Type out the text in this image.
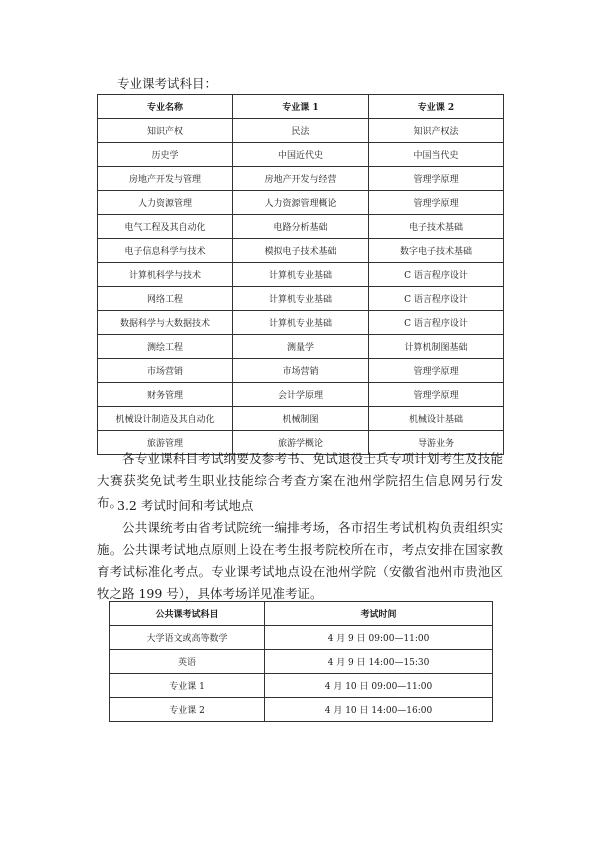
专业课考试科目：
专业名称	专业课 1	专业课 2
知识产权	民法	知识产权法
历史学	中国近代史	中国当代史
房地产开发与管理	房地产开发与经营	管理学原理
人力资源管理	人力资源管理概论	管理学原理
电气工程及其自动化	电路分析基础	电子技术基础
电子信息科学与技术	模拟电子技术基础	数字电子技术基础
计算机科学与技术	计算机专业基础	C 语言程序设计
网络工程	计算机专业基础	C 语言程序设计
数据科学与大数据技术	计算机专业基础	C 语言程序设计
测绘工程	测量学	计算机制图基础
市场营销	市场营销	管理学原理
财务管理	会计学原理	管理学原理
机械设计制造及其自动化	机械制图	机械设计基础
旅游管理	旅游学概论	导游业务
各专业课科目考试纲要及参考书、免试退役士兵专项计划考生及技能大赛获奖免试考生职业技能综合考查方案在池州学院招生信息网另行发布。
3.2 考试时间和考试地点
公共课统考由省考试院统一编排考场，各市招生考试机构负责组织实施。公共课考试地点原则上设在考生报考院校所在市，考点安排在国家教育考试标准化考点。专业课考试地点设在池州学院（安徽省池州市贵池区牧之路 199 号），具体考场详见准考证。
公共课考试科目	考试时间
大学语文或高等数学	4 月 9 日 09:00—11:00
英语	4 月 9 日 14:00—15:30
专业课 1	4 月 10 日 09:00—11:00
专业课 2	4 月 10 日 14:00—16:00
